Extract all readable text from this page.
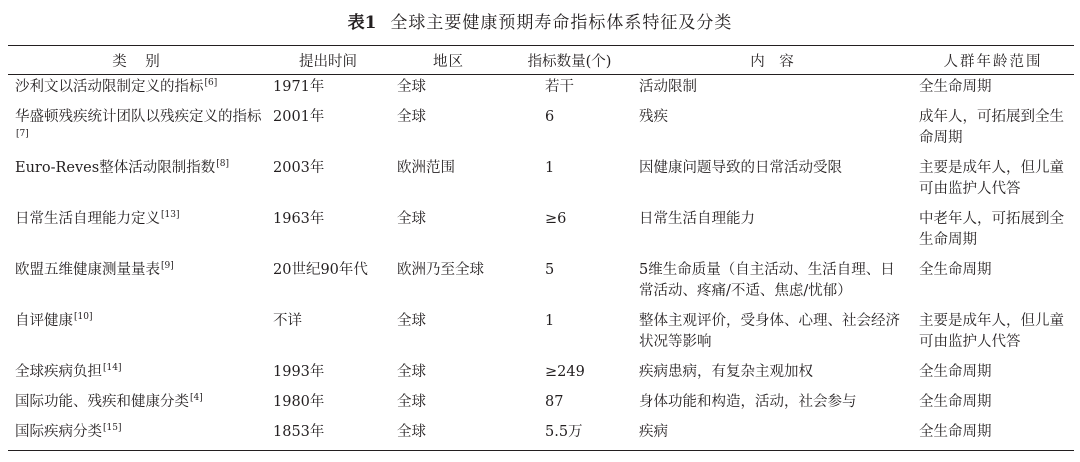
表1 全球主要健康预期寿命指标体系特征及分类
类　别	提出时间	地区	指标数量(个)	内　容	人群年龄范围
沙利文以活动限制定义的指标[6]	1971年	全球	若干	活动限制	全生命周期
华盛顿残疾统计团队以残疾定义的指标[7]	2001年	全球	6	残疾	成年人，可拓展到全生命周期
Euro-Reves整体活动限制指数[8]	2003年	欧洲范围	1	因健康问题导致的日常活动受限	主要是成年人，但儿童可由监护人代答
日常生活自理能力定义[13]	1963年	全球	≥6	日常生活自理能力	中老年人，可拓展到全生命周期
欧盟五维健康测量量表[9]	20世纪90年代	欧洲乃至全球	5	5维生命质量（自主活动、生活自理、日常活动、疼痛/不适、焦虑/忧郁）	全生命周期
自评健康[10]	不详	全球	1	整体主观评价，受身体、心理、社会经济状况等影响	主要是成年人，但儿童可由监护人代答
全球疾病负担[14]	1993年	全球	≥249	疾病患病，有复杂主观加权	全生命周期
国际功能、残疾和健康分类[4]	1980年	全球	87	身体功能和构造，活动，社会参与	全生命周期
国际疾病分类[15]	1853年	全球	5.5万	疾病	全生命周期
